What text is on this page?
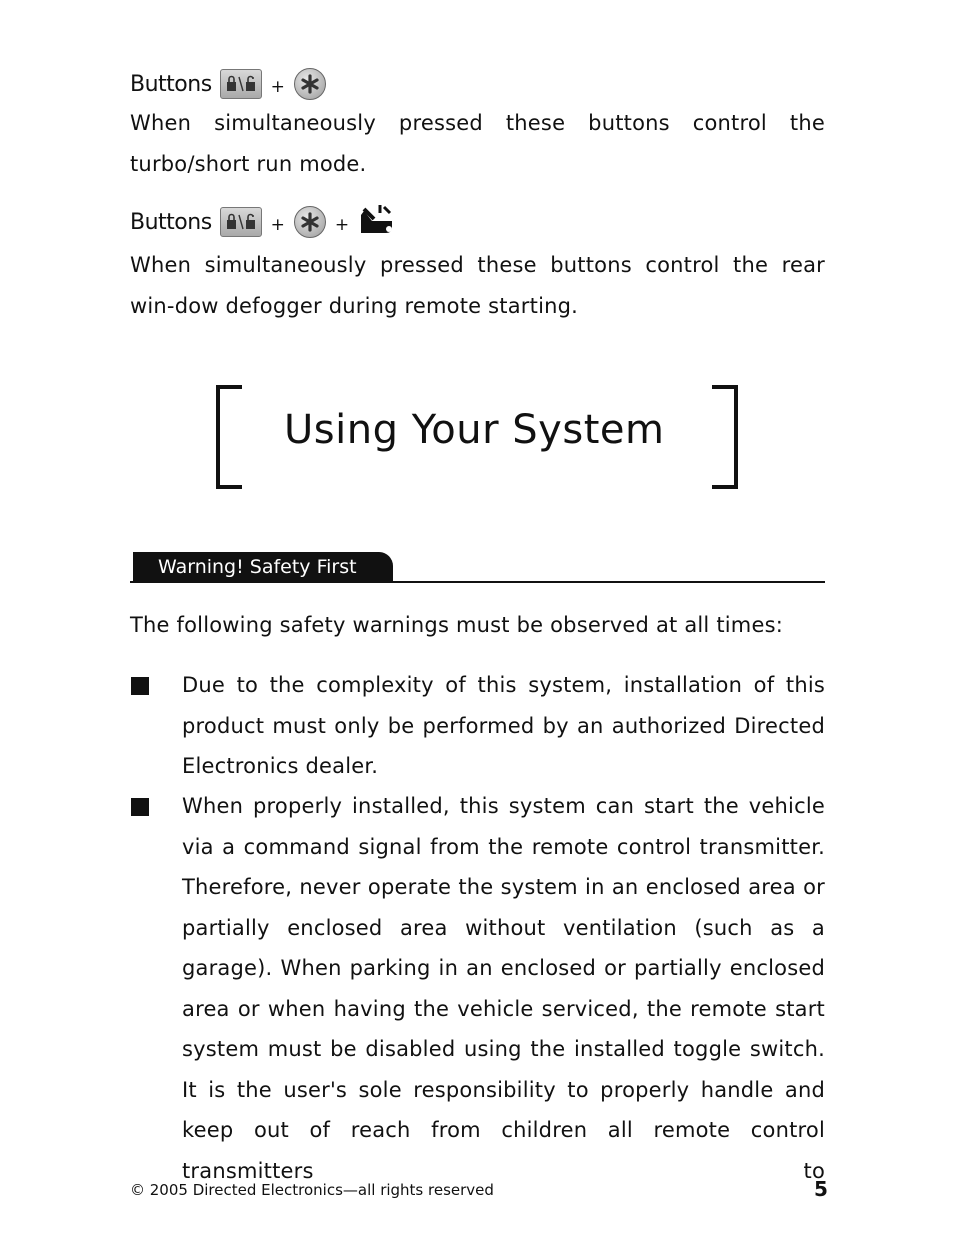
Buttons	+
When simultaneously pressed these buttons control the turbo/short run mode.
Buttons	+	+
When simultaneously pressed these buttons control the rear win-dow defogger during remote starting.
Using Your System
Warning! Safety First
The following safety warnings must be observed at all times:
Due to the complexity of this system, installation of this product must only be performed by an authorized Directed Electronics dealer.
When properly installed, this system can start the vehicle via a command signal from the remote control transmitter. Therefore, never operate the system in an enclosed area or partially enclosed area without ventilation (such as a garage). When parking in an enclosed or partially enclosed area or when having the vehicle serviced, the remote start system must be disabled using the installed toggle switch. It is the user's sole responsibility to properly handle and keep out of reach from children all remote control transmitters to
© 2005 Directed Electronics—all rights reserved	5
